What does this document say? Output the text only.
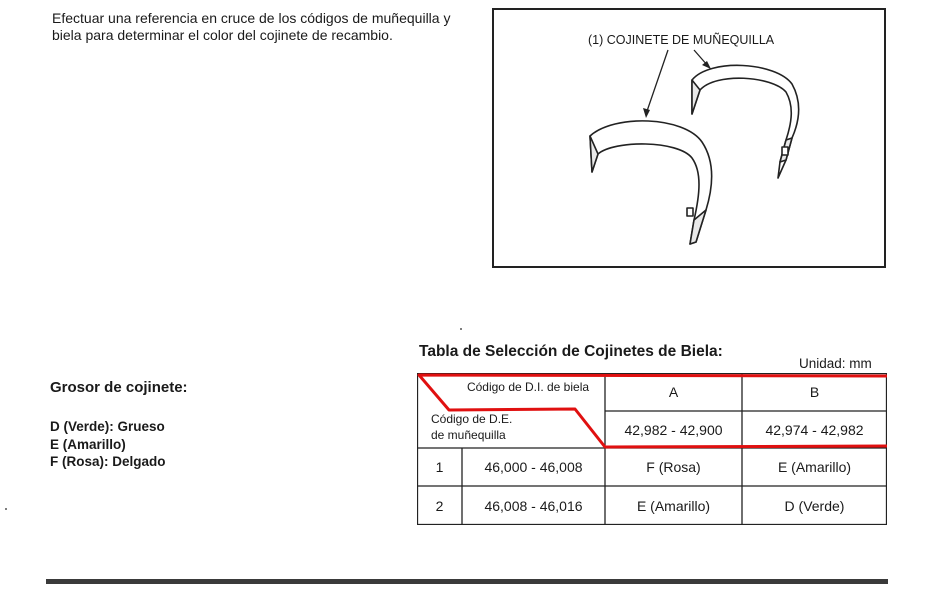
Efectuar una referencia en cruce de los códigos de muñequilla y biela para determinar el color del cojinete de recambio.	(1) COJINETE DE MUÑEQUILLA
Tabla de Selección de Cojinetes de Biela:
Unidad: mm
Grosor de cojinete:
D (Verde): Grueso
E (Amarillo)
F (Rosa): Delgado
Código de D.I. de biela
Código de D.E.
de muñequilla
A	B
42,982 - 42,900	42,974 - 42,982
1	46,000 - 46,008	F (Rosa)	E (Amarillo)
2	46,008 - 46,016	E (Amarillo)	D (Verde)
